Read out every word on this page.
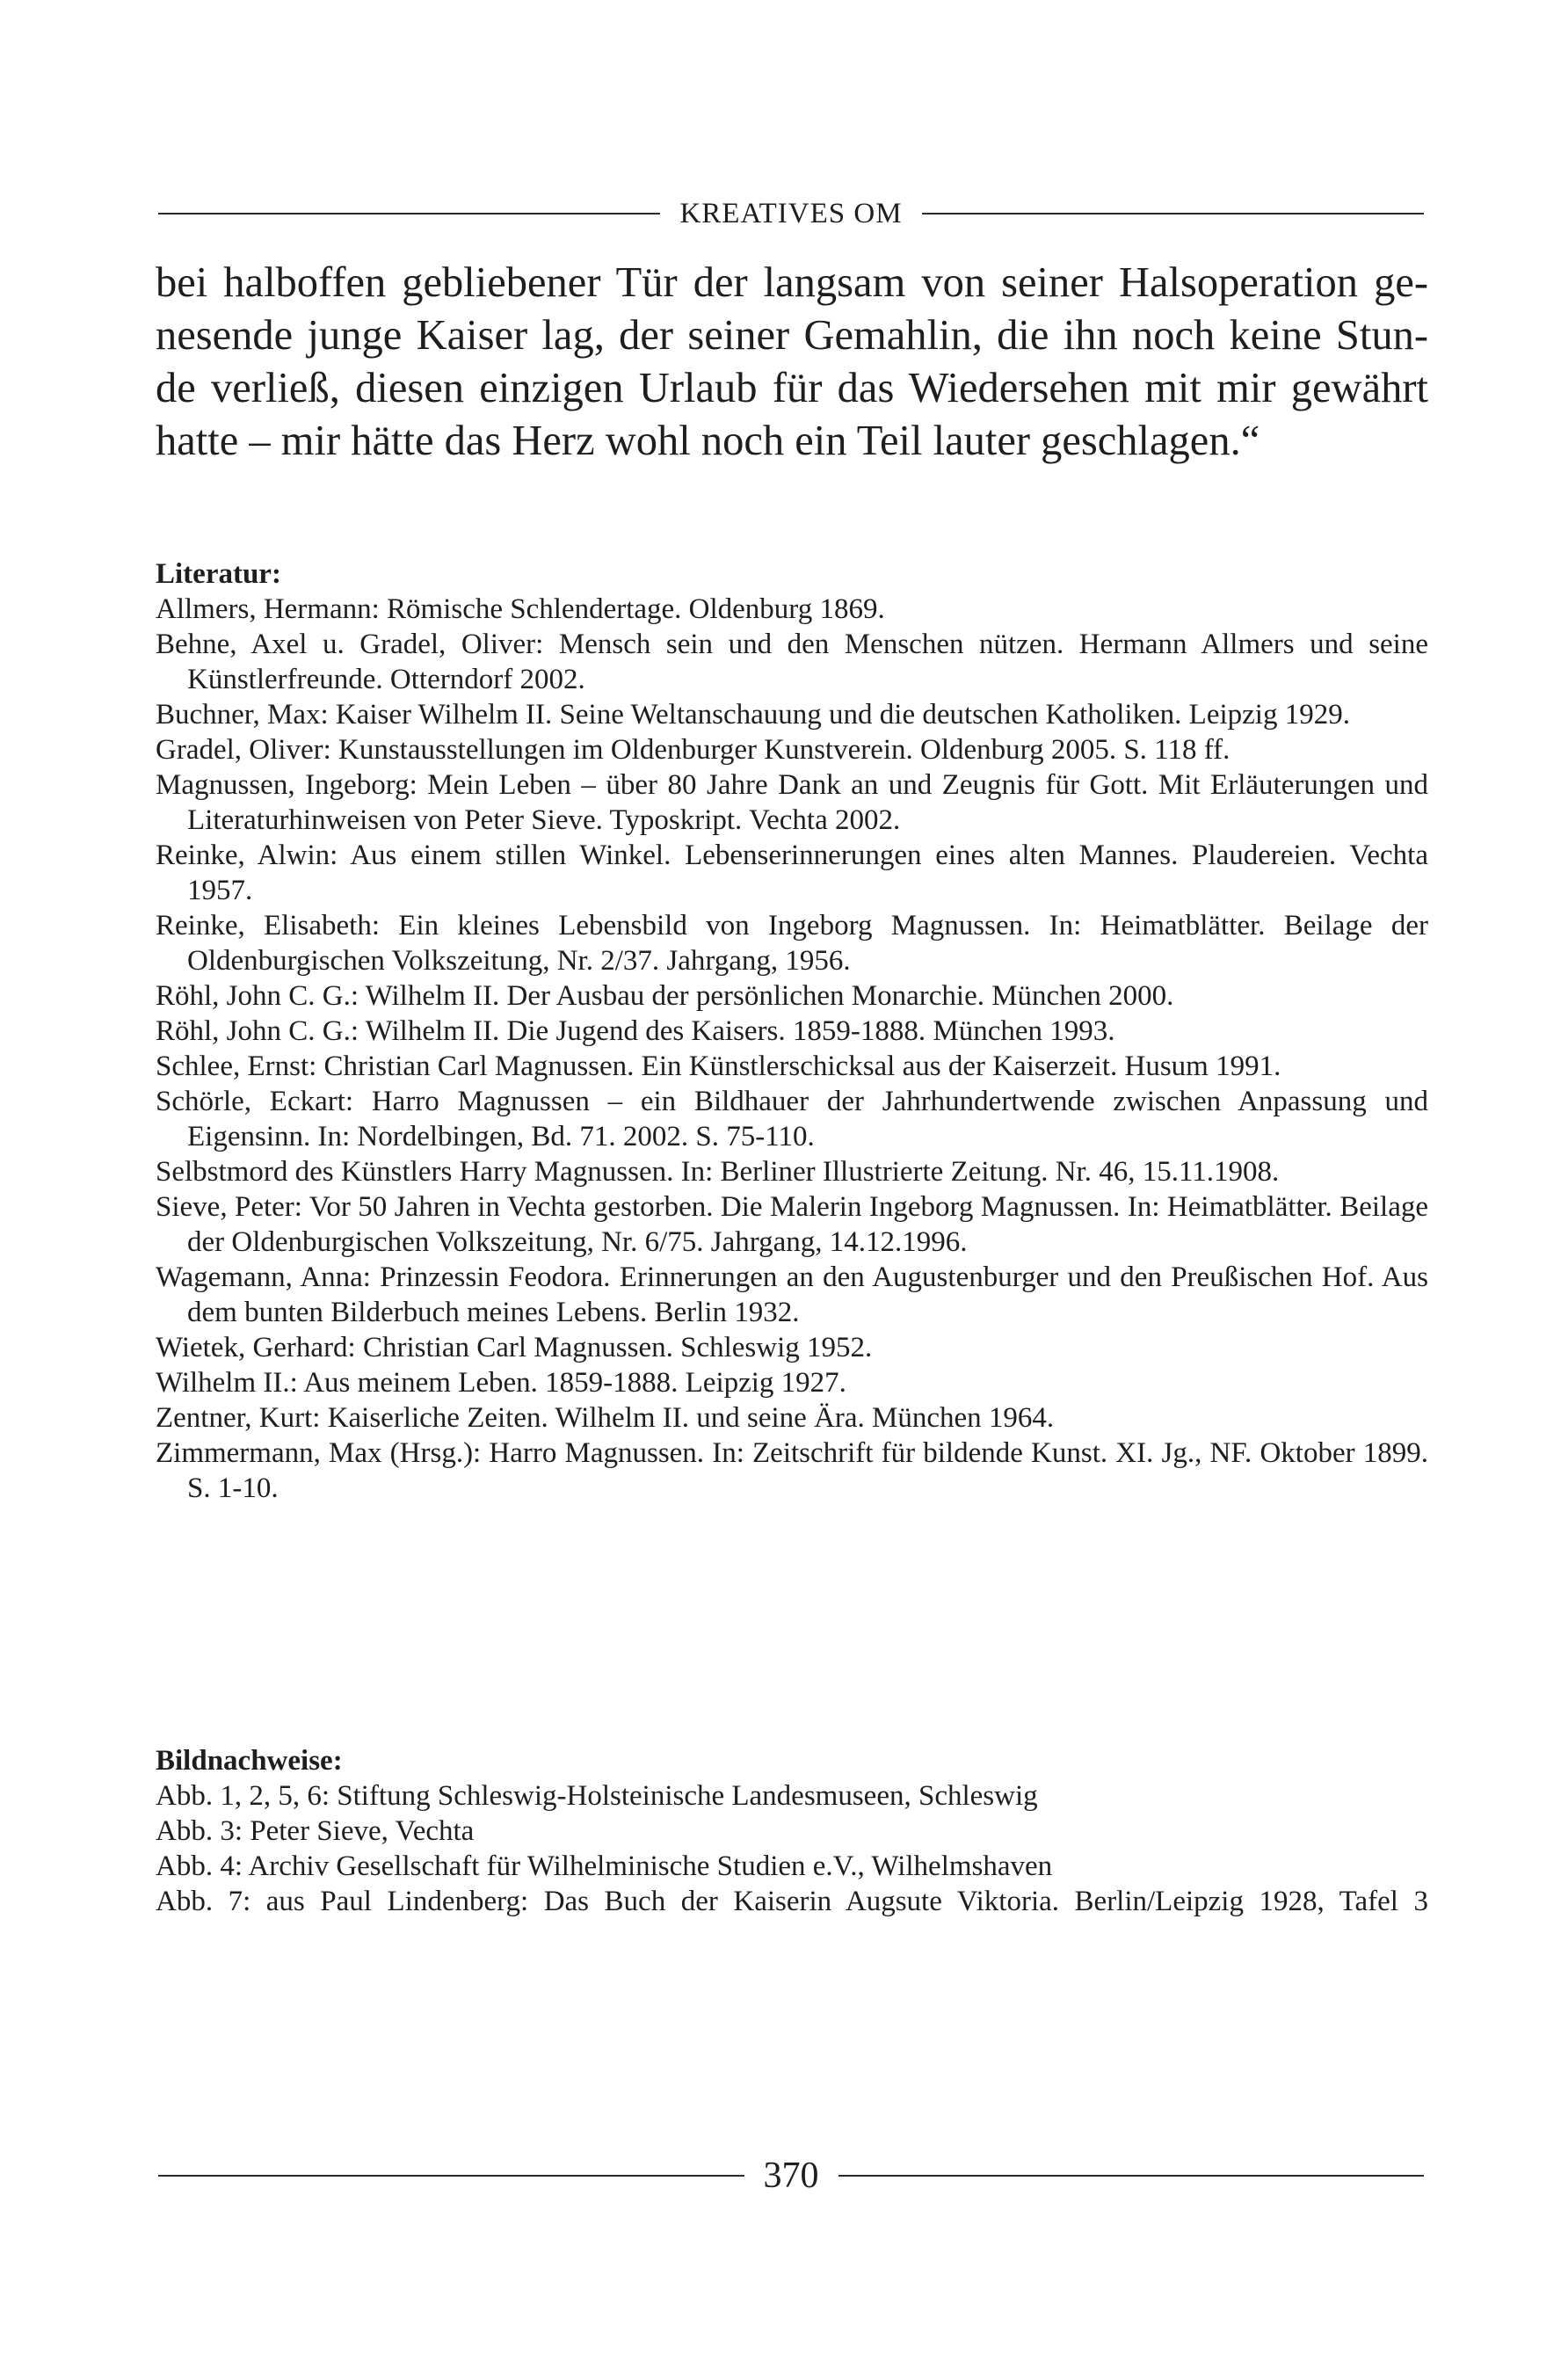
KREATIVES OM
bei halboffen gebliebener Tür der langsam von seiner Halsoperation ge-
nesende junge Kaiser lag, der seiner Gemahlin, die ihn noch keine Stun-
de verließ, diesen einzigen Urlaub für das Wiedersehen mit mir gewährt
hatte – mir hätte das Herz wohl noch ein Teil lauter geschlagen.“
Literatur:

Allmers, Hermann: Römische Schlendertage. Oldenburg 1869.

Behne, Axel u. Gradel, Oliver: Mensch sein und den Menschen nützen. Hermann Allmers und seine Künstlerfreunde. Otterndorf 2002.

Buchner, Max: Kaiser Wilhelm II. Seine Weltanschauung und die deutschen Katholiken. Leipzig 1929.

Gradel, Oliver: Kunstausstellungen im Oldenburger Kunstverein. Oldenburg 2005. S. 118 ff.

Magnussen, Ingeborg: Mein Leben – über 80 Jahre Dank an und Zeugnis für Gott. Mit Erläuterungen und Literaturhinweisen von Peter Sieve. Typoskript. Vechta 2002.

Reinke, Alwin: Aus einem stillen Winkel. Lebenserinnerungen eines alten Mannes. Plaudereien. Vechta 1957.

Reinke, Elisabeth: Ein kleines Lebensbild von Ingeborg Magnussen. In: Heimatblätter. Beilage der Oldenburgischen Volkszeitung, Nr. 2/37. Jahrgang, 1956.

Röhl, John C. G.: Wilhelm II. Der Ausbau der persönlichen Monarchie. München 2000.

Röhl, John C. G.: Wilhelm II. Die Jugend des Kaisers. 1859-1888. München 1993.

Schlee, Ernst: Christian Carl Magnussen. Ein Künstlerschicksal aus der Kaiserzeit. Husum 1991.

Schörle, Eckart: Harro Magnussen – ein Bildhauer der Jahrhundertwende zwischen Anpassung und Eigensinn. In: Nordelbingen, Bd. 71. 2002. S. 75-110.

Selbstmord des Künstlers Harry Magnussen. In: Berliner Illustrierte Zeitung. Nr. 46, 15.11.1908.

Sieve, Peter: Vor 50 Jahren in Vechta gestorben. Die Malerin Ingeborg Magnussen. In: Heimatblätter. Beilage der Oldenburgischen Volkszeitung, Nr. 6/75. Jahrgang, 14.12.1996.

Wagemann, Anna: Prinzessin Feodora. Erinnerungen an den Augustenburger und den Preußischen Hof. Aus dem bunten Bilderbuch meines Lebens. Berlin 1932.

Wietek, Gerhard: Christian Carl Magnussen. Schleswig 1952.

Wilhelm II.: Aus meinem Leben. 1859-1888. Leipzig 1927.

Zentner, Kurt: Kaiserliche Zeiten. Wilhelm II. und seine Ära. München 1964.

Zimmermann, Max (Hrsg.): Harro Magnussen. In: Zeitschrift für bildende Kunst. XI. Jg., NF. Oktober 1899. S. 1-10.

Bildnachweise:

Abb. 1, 2, 5, 6: Stiftung Schleswig-Holsteinische Landesmuseen, Schleswig

Abb. 3: Peter Sieve, Vechta

Abb. 4: Archiv Gesellschaft für Wilhelminische Studien e.V., Wilhelmshaven

Abb. 7: aus Paul Lindenberg: Das Buch der Kaiserin Augsute Viktoria. Berlin/Leipzig 1928, Tafel 3

370
